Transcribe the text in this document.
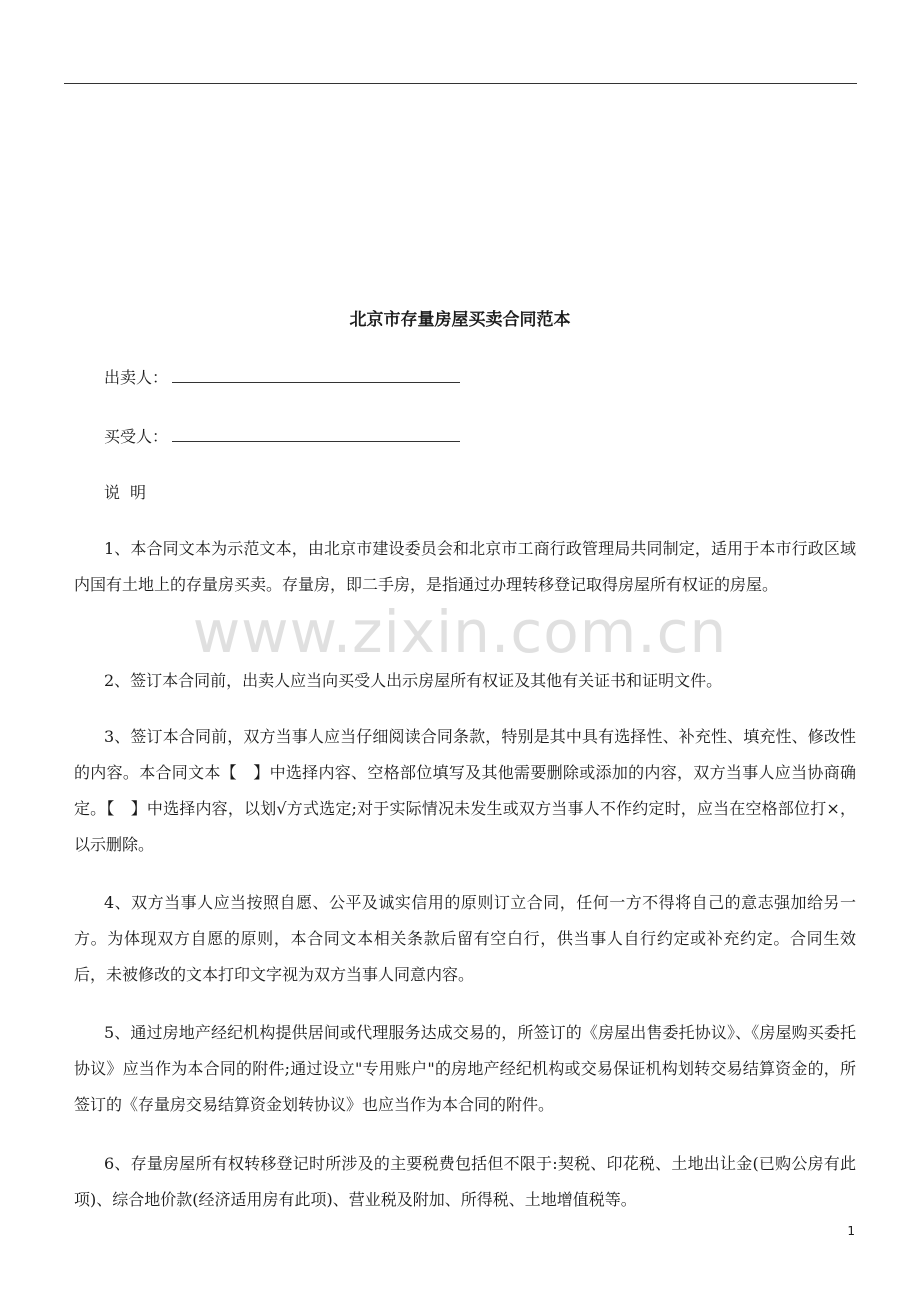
www.zixin.com.cn
北京市存量房屋买卖合同范本
出卖人：
买受人：
说明

1、本合同文本为示范文本，由北京市建设委员会和北京市工商行政管理局共同制定，适用于本市行政区域内国有土地上的存量房买卖。存量房，即二手房，是指通过办理转移登记取得房屋所有权证的房屋。

2、签订本合同前，出卖人应当向买受人出示房屋所有权证及其他有关证书和证明文件。

3、签订本合同前，双方当事人应当仔细阅读合同条款，特别是其中具有选择性、补充性、填充性、修改性的内容。本合同文本【　】中选择内容、空格部位填写及其他需要删除或添加的内容，双方当事人应当协商确定。【　】中选择内容，以划√方式选定;对于实际情况未发生或双方当事人不作约定时，应当在空格部位打×，以示删除。

4、双方当事人应当按照自愿、公平及诚实信用的原则订立合同，任何一方不得将自己的意志强加给另一方。为体现双方自愿的原则，本合同文本相关条款后留有空白行，供当事人自行约定或补充约定。合同生效后，未被修改的文本打印文字视为双方当事人同意内容。

5、通过房地产经纪机构提供居间或代理服务达成交易的，所签订的《房屋出售委托协议》、《房屋购买委托协议》应当作为本合同的附件;通过设立"专用账户"的房地产经纪机构或交易保证机构划转交易结算资金的，所签订的《存量房交易结算资金划转协议》也应当作为本合同的附件。

6、存量房屋所有权转移登记时所涉及的主要税费包括但不限于:契税、印花税、土地出让金(已购公房有此项)、综合地价款(经济适用房有此项)、营业税及附加、所得税、土地增值税等。

1
